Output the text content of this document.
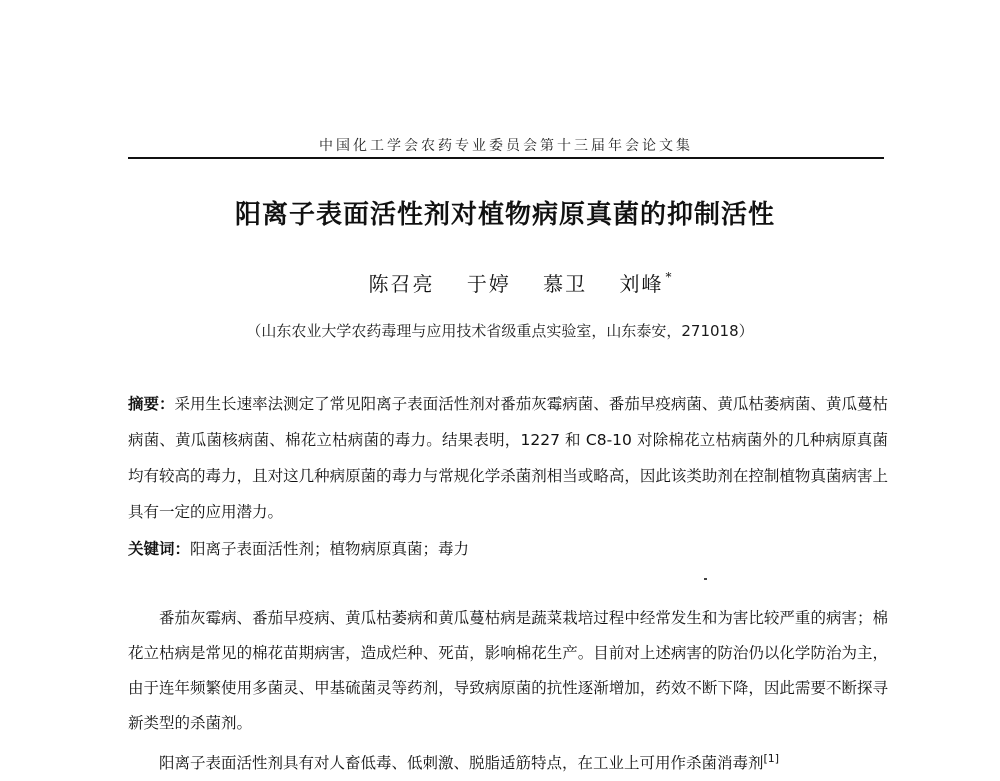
中国化工学会农药专业委员会第十三届年会论文集
阳离子表面活性剂对植物病原真菌的抑制活性
陈召亮 于婷 慕卫 刘峰 *
（山东农业大学农药毒理与应用技术省级重点实验室，山东泰安，271018）
摘要：采用生长速率法测定了常见阳离子表面活性剂对番茄灰霉病菌、番茄早疫病菌、黄瓜枯萎病菌、黄瓜蔓枯病菌、黄瓜菌核病菌、棉花立枯病菌的毒力。结果表明，1227 和 C8-10 对除棉花立枯病菌外的几种病原真菌均有较高的毒力，且对这几种病原菌的毒力与常规化学杀菌剂相当或略高，因此该类助剂在控制植物真菌病害上具有一定的应用潜力。
关键词：阳离子表面活性剂；植物病原真菌；毒力

番茄灰霉病、番茄早疫病、黄瓜枯萎病和黄瓜蔓枯病是蔬菜栽培过程中经常发生和为害比较严重的病害；棉花立枯病是常见的棉花苗期病害，造成烂种、死苗，影响棉花生产。目前对上述病害的防治仍以化学防治为主，由于连年频繁使用多菌灵、甲基硫菌灵等药剂，导致病原菌的抗性逐渐增加，药效不断下降，因此需要不断探寻新类型的杀菌剂。

阳离子表面活性剂具有对人畜低毒、低刺激、脱脂适筋特点，在工业上可用作杀菌消毒剂[1]
